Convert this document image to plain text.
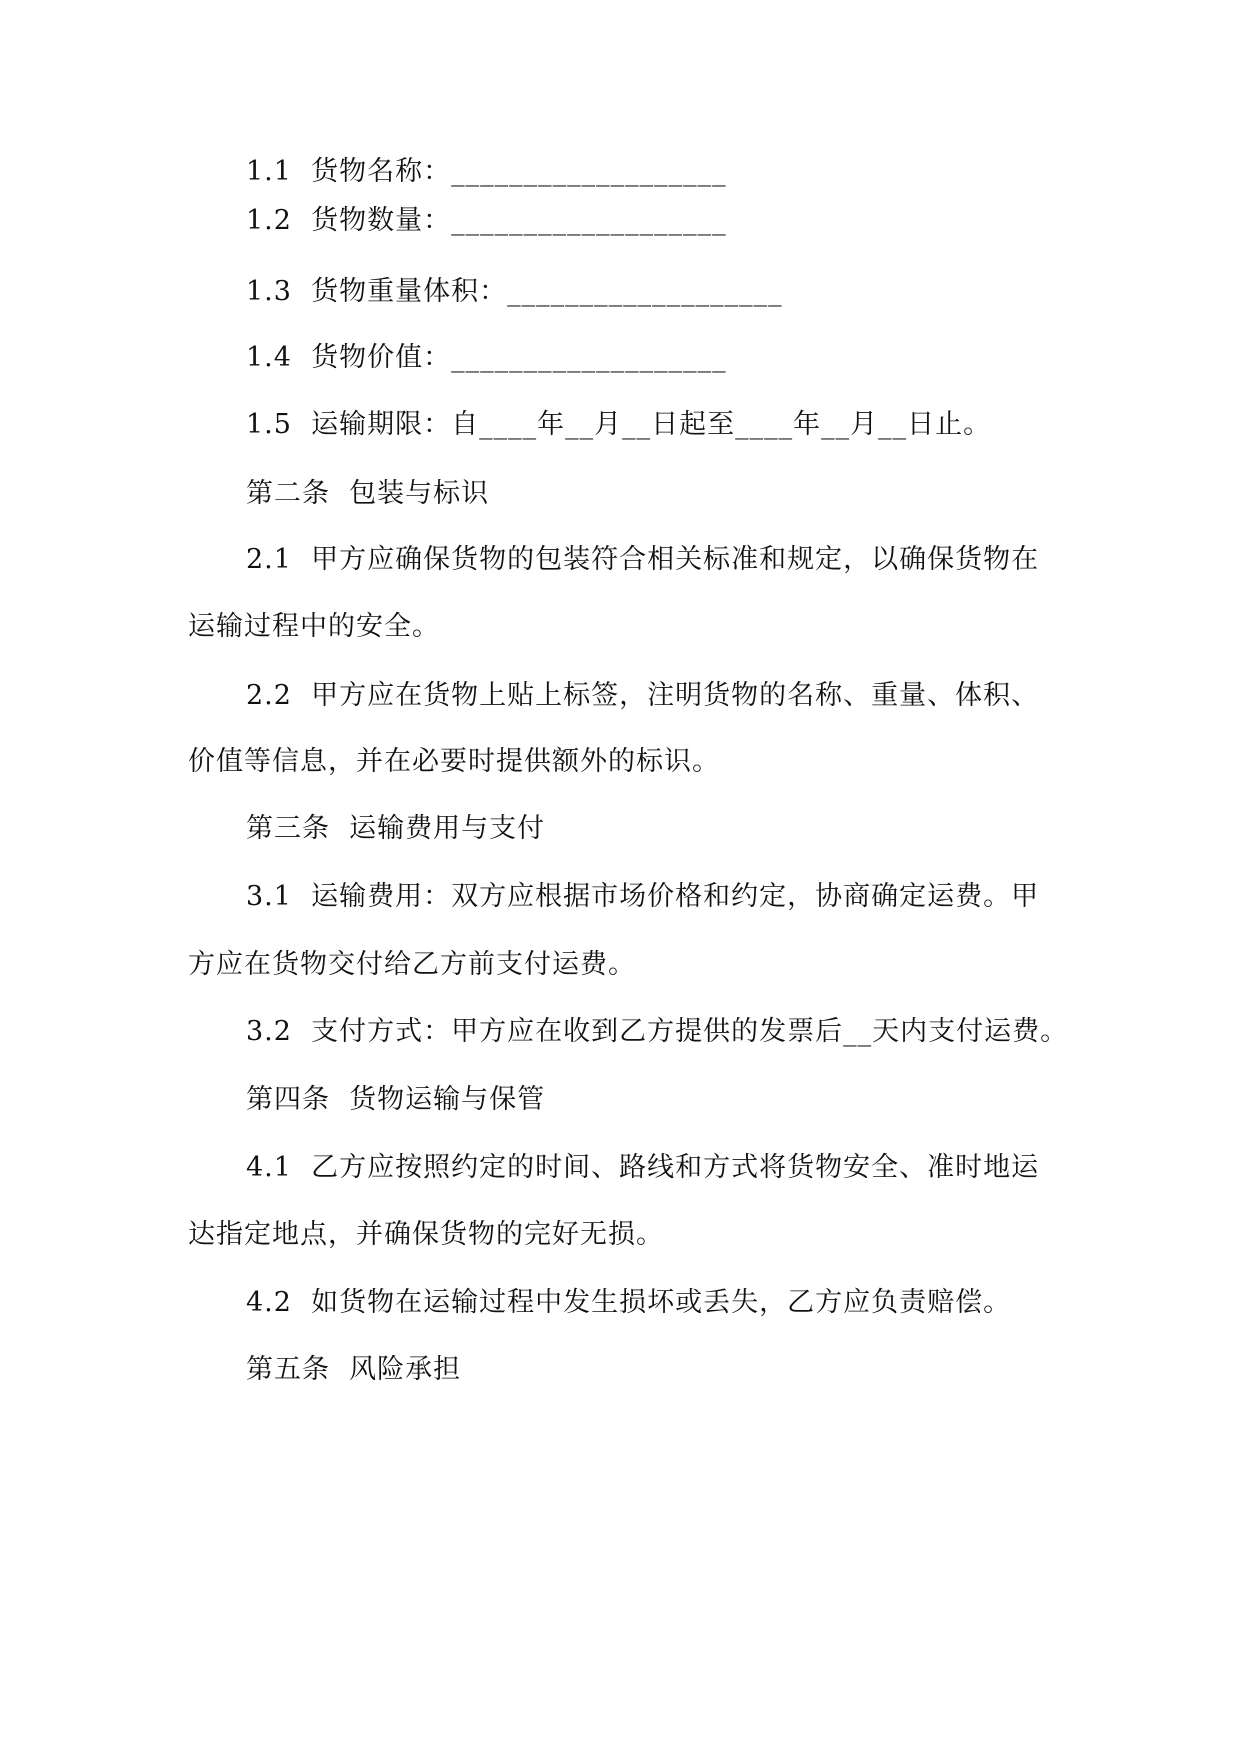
1.1  货物名称：___________________
1.2  货物数量：___________________
1.3  货物重量体积：___________________
1.4  货物价值：___________________
1.5  运输期限：自____年__月__日起至____年__月__日止。
第二条  包装与标识
2.1  甲方应确保货物的包装符合相关标准和规定，以确保货物在
运输过程中的安全。
2.2  甲方应在货物上贴上标签，注明货物的名称、重量、体积、
价值等信息，并在必要时提供额外的标识。
第三条  运输费用与支付
3.1  运输费用：双方应根据市场价格和约定，协商确定运费。甲
方应在货物交付给乙方前支付运费。
3.2  支付方式：甲方应在收到乙方提供的发票后__天内支付运费。
第四条  货物运输与保管
4.1  乙方应按照约定的时间、路线和方式将货物安全、准时地运
达指定地点，并确保货物的完好无损。
4.2  如货物在运输过程中发生损坏或丢失，乙方应负责赔偿。
第五条  风险承担
